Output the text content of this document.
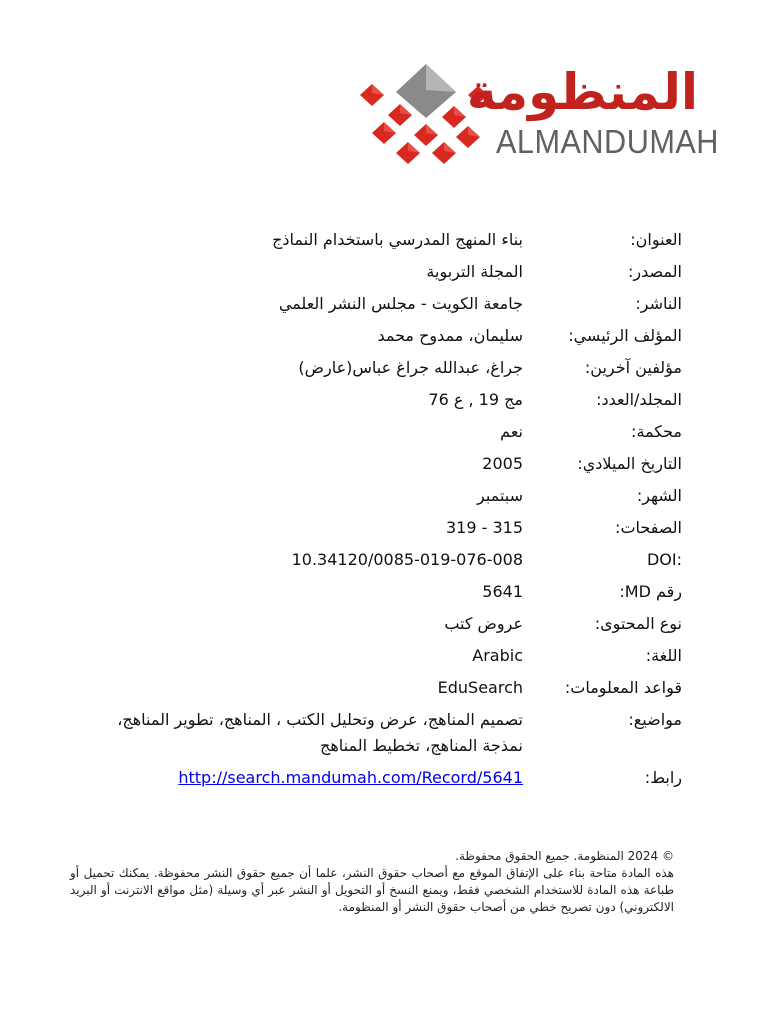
المنظومة
ALMANDUMAH
العنوان:
بناء المنهج المدرسي باستخدام النماذج
المصدر:
المجلة التربوية
الناشر:
جامعة الكويت - مجلس النشر العلمي
المؤلف الرئيسي:
سليمان، ممدوح محمد
مؤلفين آخرين:
جراغ، عبدالله جراغ عباس(عارض)
المجلد/العدد:
مج 19 , ع 76
محكمة:
نعم
التاريخ الميلادي:
2005
الشهر:
سبتمبر
الصفحات:
315 - 319
DOI:
10.34120/0085-019-076-008
رقم MD:
5641
نوع المحتوى:
عروض كتب
اللغة:
Arabic
قواعد المعلومات:
EduSearch
مواضيع:
تصميم المناهج، عرض وتحليل الكتب ، المناهج، تطوير المناهج، نمذجة المناهج، تخطيط المناهج
رابط:
http://search.mandumah.com/Record/5641

© 2024 المنظومة. جميع الحقوق محفوظة.

هذه المادة متاحة بناء على الإتفاق الموقع مع أصحاب حقوق النشر، علما أن جميع حقوق النشر محفوظة. يمكنك تحميل أو طباعة هذه المادة للاستخدام الشخصي فقط، ويمنع النسخ أو التحويل أو النشر عبر أي وسيلة (مثل مواقع الانترنت أو البريد الالكتروني) دون تصريح خطي من أصحاب حقوق النشر أو المنظومة.
